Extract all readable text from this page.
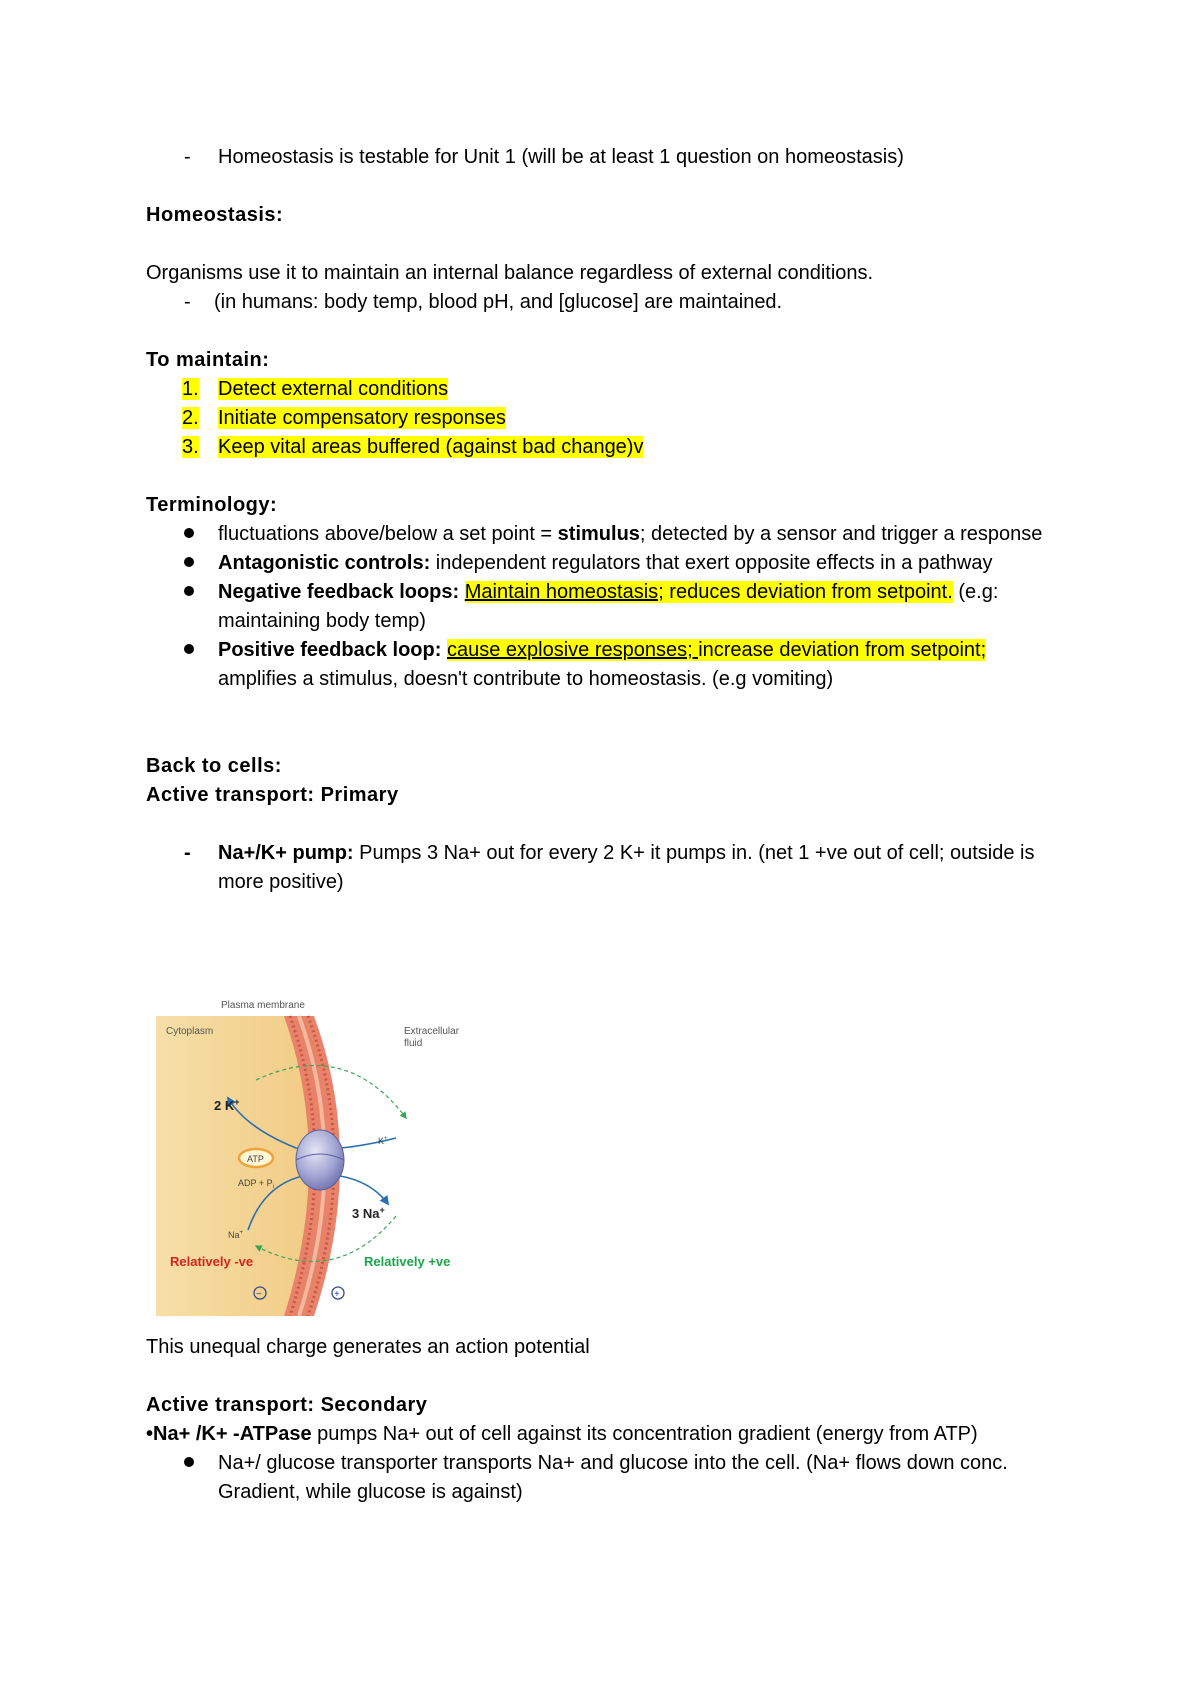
-	Homeostasis is testable for Unit 1 (will be at least 1 question on homeostasis)

Homeostasis:

Organisms use it to maintain an internal balance regardless of external conditions.

-	(in humans: body temp, blood pH, and [glucose] are maintained.

To maintain:

1. Detect external conditions
2. Initiate compensatory responses
3. Keep vital areas buffered (against bad change)v

Terminology:

fluctuations above/below a set point = stimulus; detected by a sensor and trigger a response
Antagonistic controls: independent regulators that exert opposite effects in a pathway
Negative feedback loops: Maintain homeostasis; reduces deviation from setpoint. (e.g: maintaining body temp)
Positive feedback loop: cause explosive responses; increase deviation from setpoint; amplifies a stimulus, doesn't contribute to homeostasis. (e.g vomiting)

Back to cells:

Active transport: Primary

-	Na+/K+ pump: Pumps 3 Na+ out for every 2 K+ it pumps in. (net 1 +ve out of cell; outside is more positive)
Plasma membrane
Cytoplasm	Extracellular
fluid
ATP
ADP + $P_i$
2 K+
K+
3 Na+
Na+
Relatively -ve	Relatively +ve
−	+

This unequal charge generates an action potential

Active transport: Secondary

•Na+ /K+ -ATPase pumps Na+ out of cell against its concentration gradient (energy from ATP)

Na+/ glucose transporter transports Na+ and glucose into the cell. (Na+ flows down conc. Gradient, while glucose is against)
